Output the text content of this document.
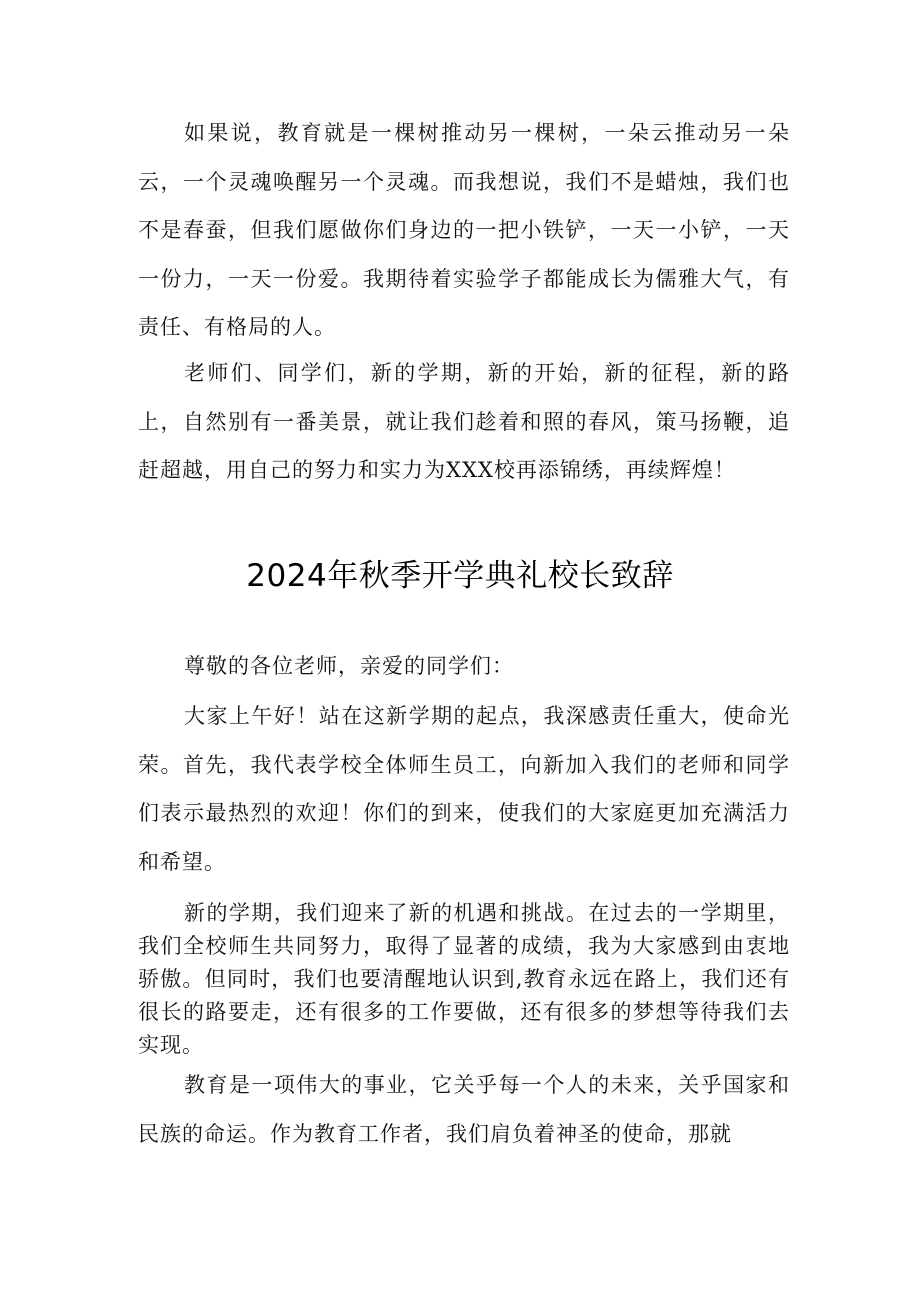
如果说，教育就是一棵树推动另一棵树，一朵云推动另一朵云，一个灵魂唤醒另一个灵魂。而我想说，我们不是蜡烛，我们也不是春蚕，但我们愿做你们身边的一把小铁铲，一天一小铲，一天一份力，一天一份爱。我期待着实验学子都能成长为儒雅大气，有责任、有格局的人。

老师们、同学们，新的学期，新的开始，新的征程，新的路上，自然别有一番美景，就让我们趁着和照的春风，策马扬鞭，追赶超越，用自己的努力和实力为XXX校再添锦绣，再续辉煌！

2024年秋季开学典礼校长致辞

尊敬的各位老师，亲爱的同学们：

大家上午好！站在这新学期的起点，我深感责任重大，使命光荣。首先，我代表学校全体师生员工，向新加入我们的老师和同学们表示最热烈的欢迎！你们的到来，使我们的大家庭更加充满活力和希望。

新的学期，我们迎来了新的机遇和挑战。在过去的一学期里，我们全校师生共同努力，取得了显著的成绩，我为大家感到由衷地骄傲。但同时，我们也要清醒地认识到,教育永远在路上，我们还有很长的路要走，还有很多的工作要做，还有很多的梦想等待我们去实现。

教育是一项伟大的事业，它关乎每一个人的未来，关乎国家和民族的命运。作为教育工作者，我们肩负着神圣的使命，那就
